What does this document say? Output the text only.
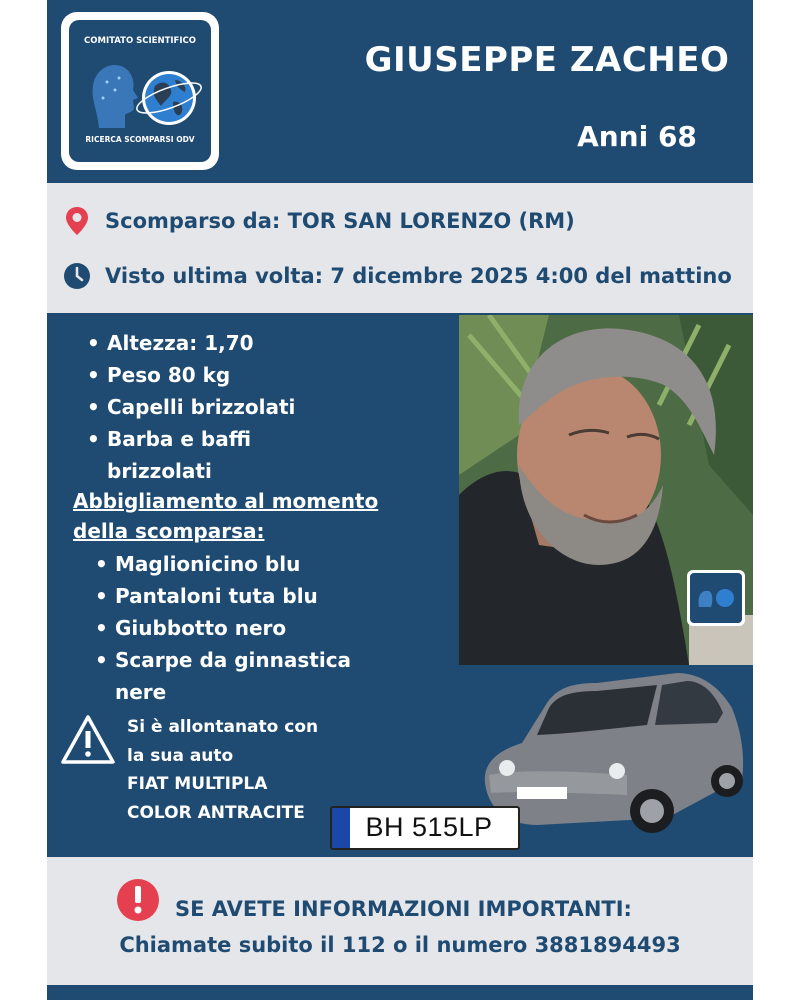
COMITATO SCIENTIFICO
RICERCA SCOMPARSI ODV
GIUSEPPE ZACHEO
Anni 68
Scomparso da: TOR SAN LORENZO (RM)
Visto ultima volta: 7 dicembre 2025 4:00 del mattino
• Altezza: 1,70
• Peso 80 kg
• Capelli brizzolati
• Barba e baffi
brizzolati
Abbigliamento al momento
della scomparsa:
• Maglionicino blu
• Pantaloni tuta blu
• Giubbotto nero
• Scarpe da ginnastica
nere
Si è allontanato con
la sua auto
FIAT MULTIPLA
COLOR ANTRACITE	BH 515LP
SE AVETE INFORMAZIONI IMPORTANTI:
Chiamate subito il 112 o il numero 3881894493
